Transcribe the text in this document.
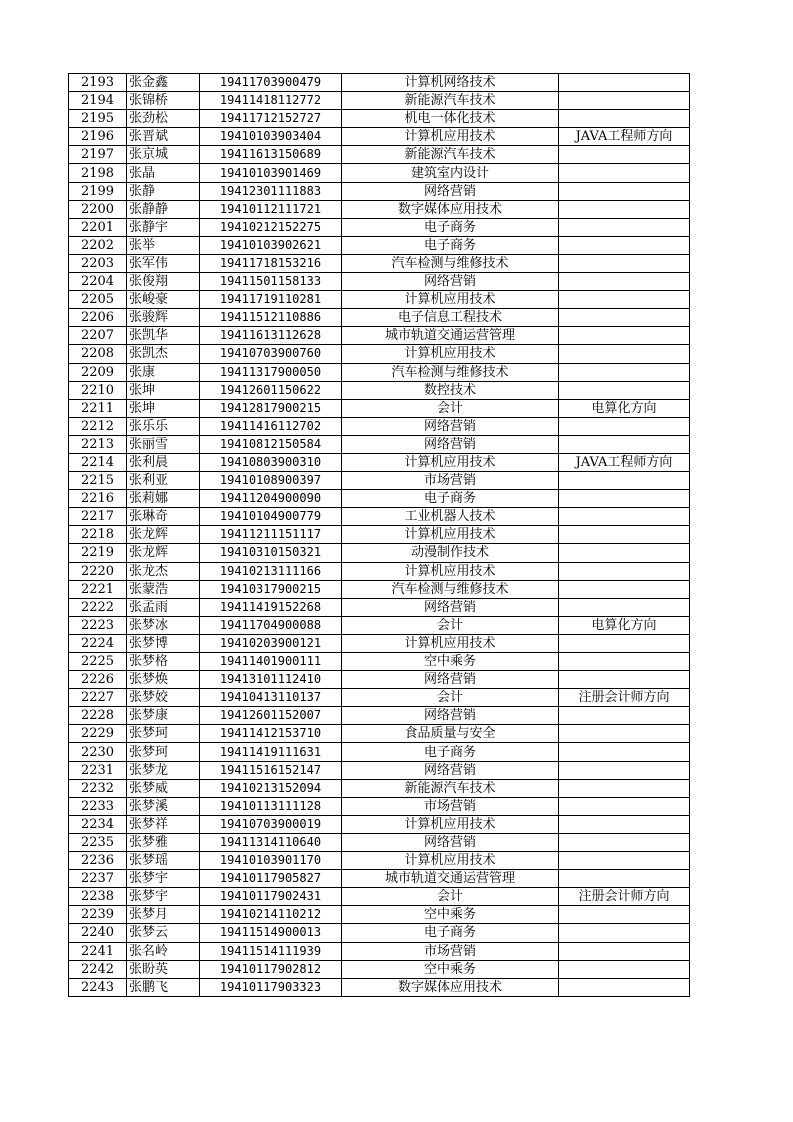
2193	张金鑫	19411703900479	计算机网络技术	
2194	张锦桥	19411418112772	新能源汽车技术	
2195	张劲松	19411712152727	机电一体化技术	
2196	张晋斌	19410103903404	计算机应用技术	JAVA工程师方向
2197	张京城	19411613150689	新能源汽车技术	
2198	张晶	19410103901469	建筑室内设计	
2199	张静	19412301111883	网络营销	
2200	张静静	19410112111721	数字媒体应用技术	
2201	张静宇	19410212152275	电子商务	
2202	张举	19410103902621	电子商务	
2203	张军伟	19411718153216	汽车检测与维修技术	
2204	张俊翔	19411501158133	网络营销	
2205	张峻豪	19411719110281	计算机应用技术	
2206	张骏辉	19411512110886	电子信息工程技术	
2207	张凯华	19411613112628	城市轨道交通运营管理	
2208	张凯杰	19410703900760	计算机应用技术	
2209	张康	19411317900050	汽车检测与维修技术	
2210	张坤	19412601150622	数控技术	
2211	张坤	19412817900215	会计	电算化方向
2212	张乐乐	19411416112702	网络营销	
2213	张丽雪	19410812150584	网络营销	
2214	张利晨	19410803900310	计算机应用技术	JAVA工程师方向
2215	张利亚	19410108900397	市场营销	
2216	张莉娜	19411204900090	电子商务	
2217	张琳奇	19410104900779	工业机器人技术	
2218	张龙辉	19411211151117	计算机应用技术	
2219	张龙辉	19410310150321	动漫制作技术	
2220	张龙杰	19410213111166	计算机应用技术	
2221	张蒙浩	19410317900215	汽车检测与维修技术	
2222	张孟雨	19411419152268	网络营销	
2223	张梦冰	19411704900088	会计	电算化方向
2224	张梦博	19410203900121	计算机应用技术	
2225	张梦格	19411401900111	空中乘务	
2226	张梦焕	19413101112410	网络营销	
2227	张梦姣	19410413110137	会计	注册会计师方向
2228	张梦康	19412601152007	网络营销	
2229	张梦珂	19411412153710	食品质量与安全	
2230	张梦珂	19411419111631	电子商务	
2231	张梦龙	19411516152147	网络营销	
2232	张梦威	19410213152094	新能源汽车技术	
2233	张梦溪	19410113111128	市场营销	
2234	张梦祥	19410703900019	计算机应用技术	
2235	张梦雅	19411314110640	网络营销	
2236	张梦瑶	19410103901170	计算机应用技术	
2237	张梦宇	19410117905827	城市轨道交通运营管理	
2238	张梦宇	19410117902431	会计	注册会计师方向
2239	张梦月	19410214110212	空中乘务	
2240	张梦云	19411514900013	电子商务	
2241	张名岭	19411514111939	市场营销	
2242	张盼英	19410117902812	空中乘务	
2243	张鹏飞	19410117903323	数字媒体应用技术	
